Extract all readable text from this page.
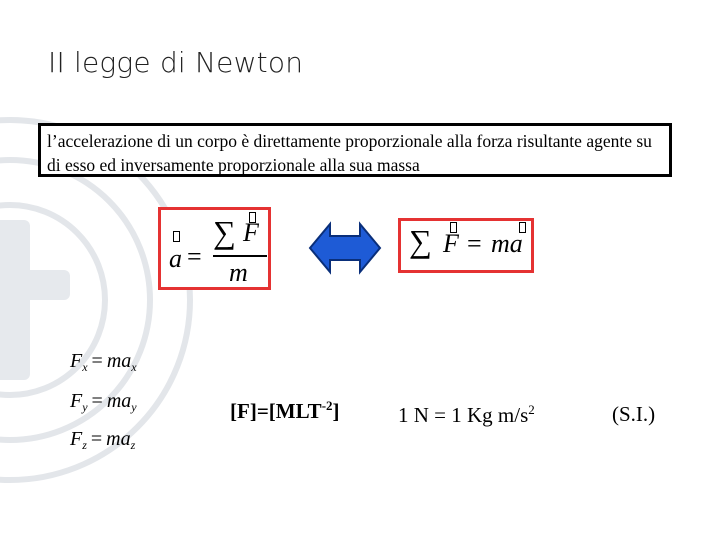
II legge di Newton
l’accelerazione di un corpo è direttamente proporzionale alla forza risultante agente su di esso ed inversamente proporzionale alla sua massa
a =
∑ F
m
∑ F = ma
$F_x = ma_x$
$F_y = ma_y$
$F_z = ma_z$
$[F]=[MLT^{-2}]$	1 N = 1 Kg $m/s^2$	(S.I.)
